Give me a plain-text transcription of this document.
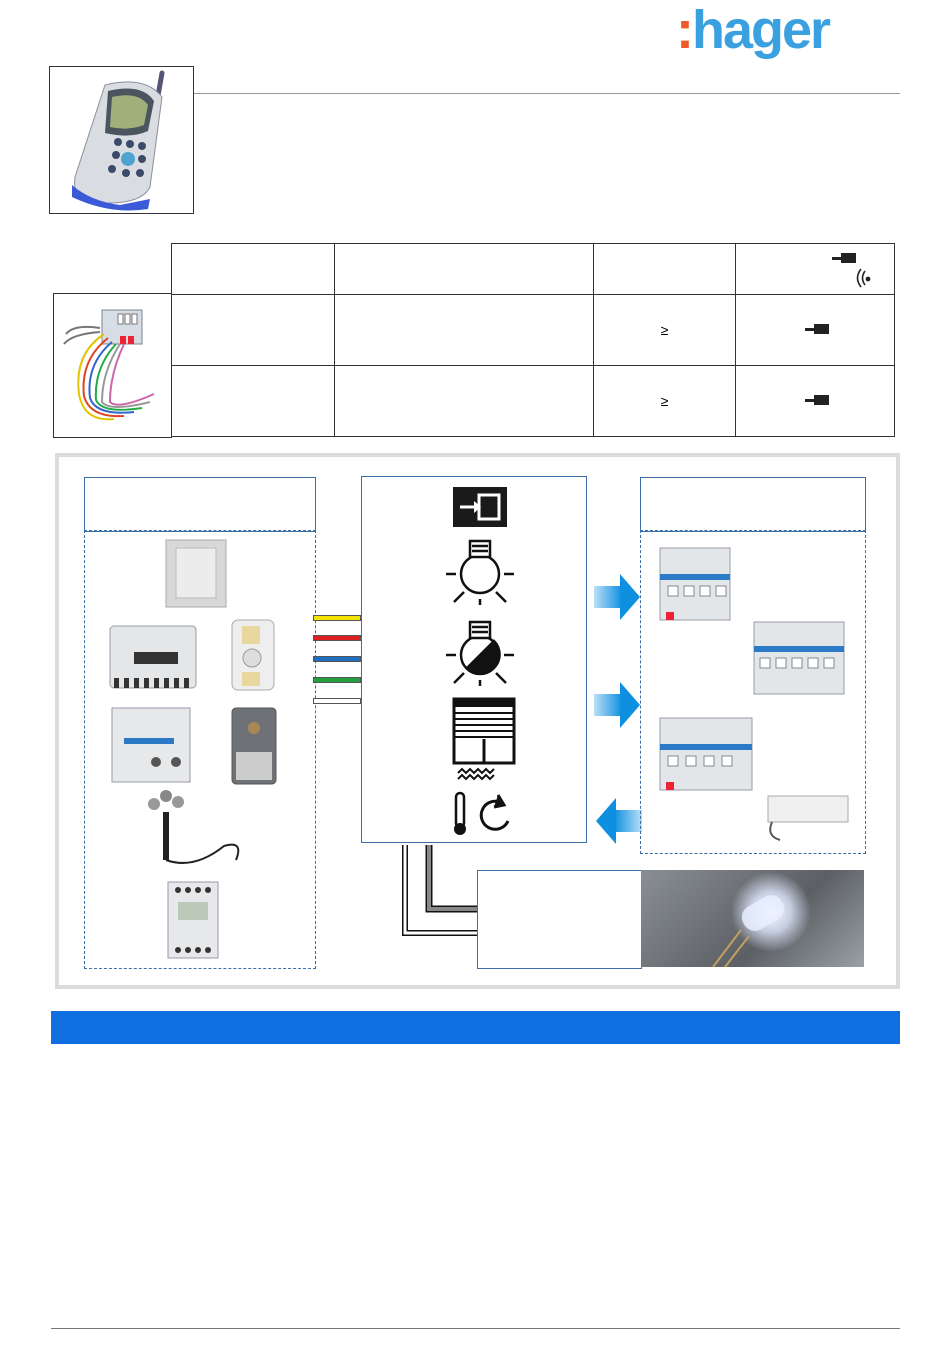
:hager

		≥	
		≥	
